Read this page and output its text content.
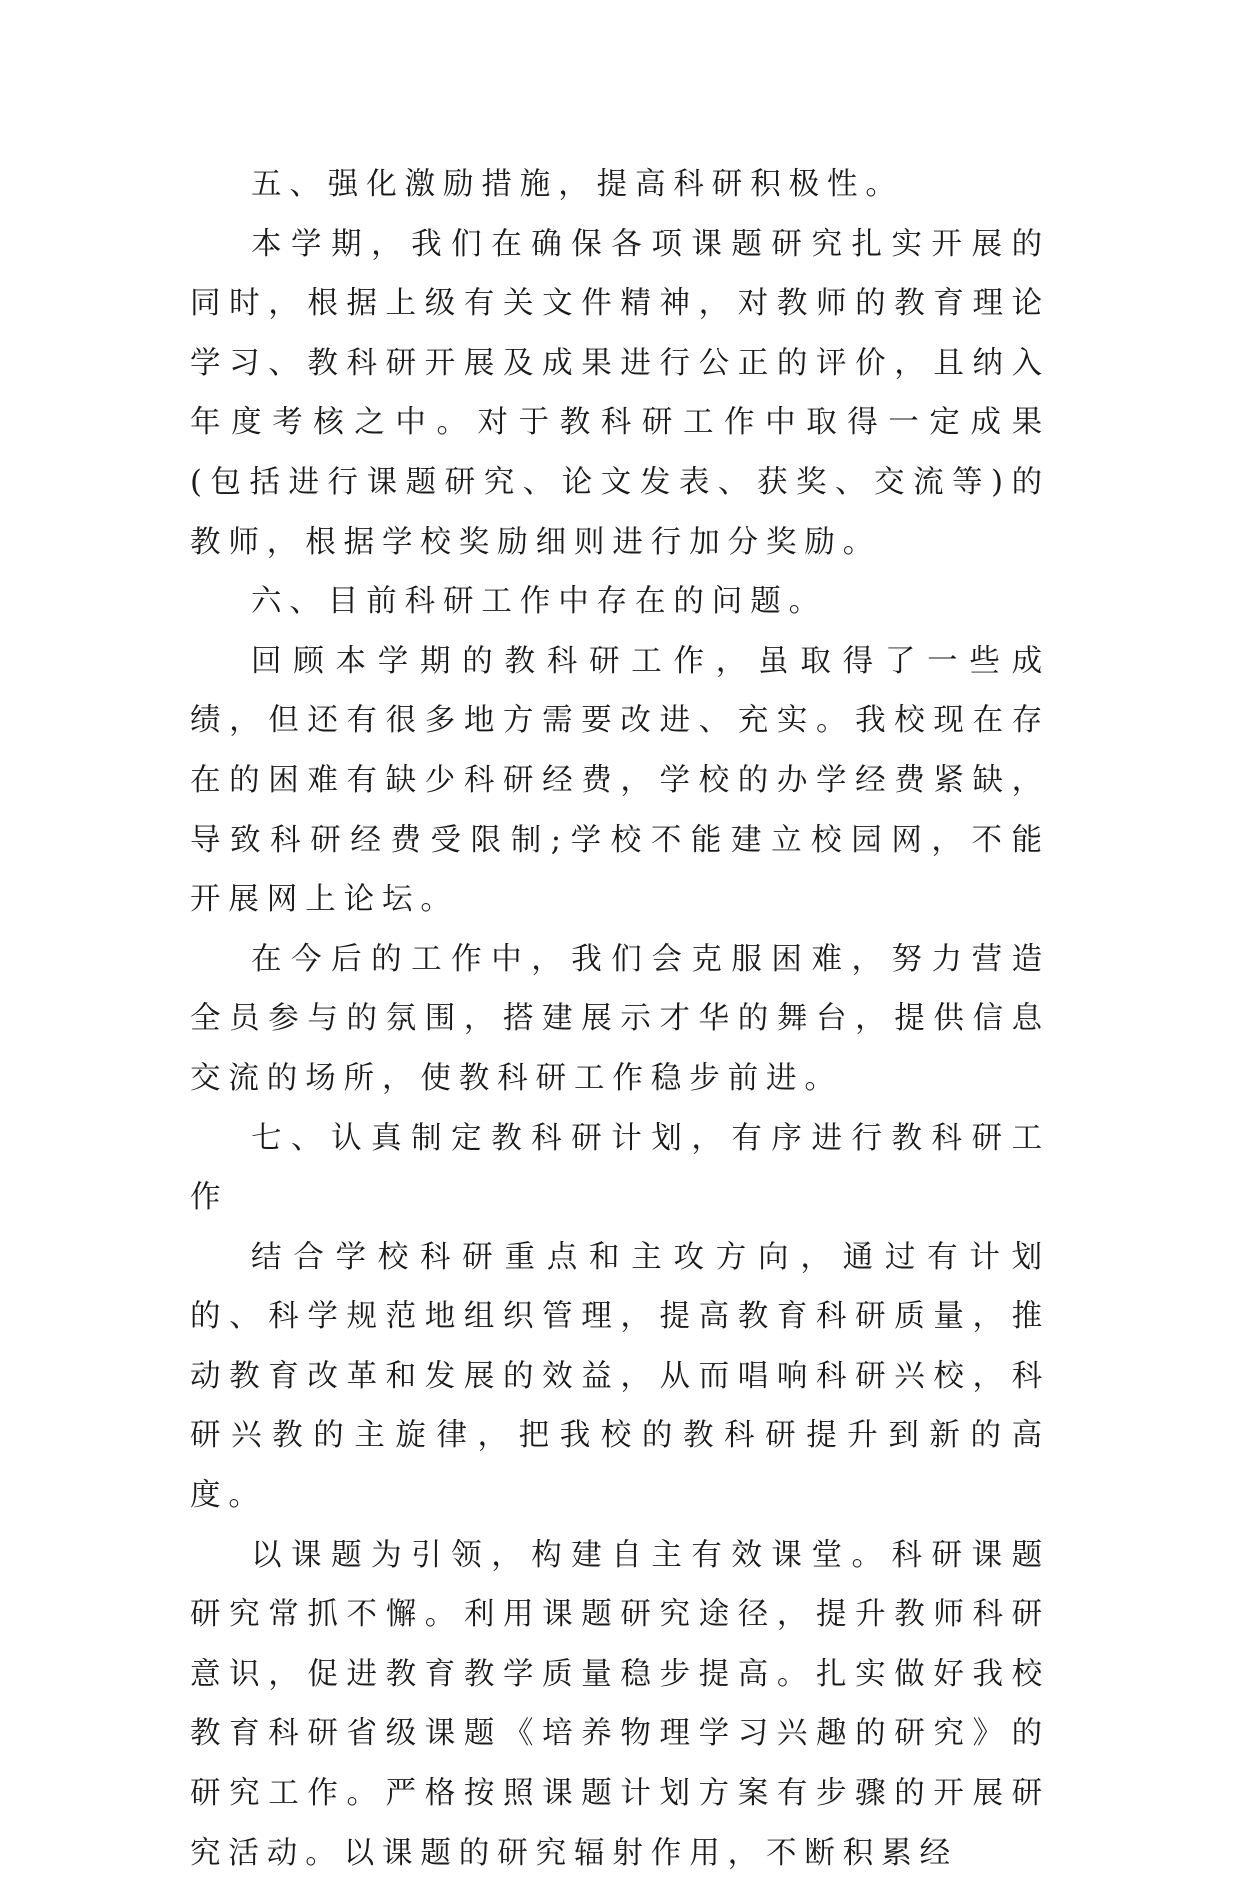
五、强化激励措施，提高科研积极性。

本学期，我们在确保各项课题研究扎实开展的同时，根据上级有关文件精神，对教师的教育理论学习、教科研开展及成果进行公正的评价，且纳入年度考核之中。对于教科研工作中取得一定成果(包括进行课题研究、论文发表、获奖、交流等)的教师，根据学校奖励细则进行加分奖励。

六、目前科研工作中存在的问题。

回顾本学期的教科研工作，虽取得了一些成绩，但还有很多地方需要改进、充实。我校现在存在的困难有缺少科研经费，学校的办学经费紧缺，导致科研经费受限制;学校不能建立校园网，不能开展网上论坛。

在今后的工作中，我们会克服困难，努力营造全员参与的氛围，搭建展示才华的舞台，提供信息交流的场所，使教科研工作稳步前进。

七、认真制定教科研计划，有序进行教科研工作

结合学校科研重点和主攻方向，通过有计划的、科学规范地组织管理，提高教育科研质量，推动教育改革和发展的效益，从而唱响科研兴校，科研兴教的主旋律，把我校的教科研提升到新的高度。

以课题为引领，构建自主有效课堂。科研课题研究常抓不懈。利用课题研究途径，提升教师科研意识，促进教育教学质量稳步提高。扎实做好我校教育科研省级课题《培养物理学习兴趣的研究》的研究工作。严格按照课题计划方案有步骤的开展研究活动。以课题的研究辐射作用，不断积累经
